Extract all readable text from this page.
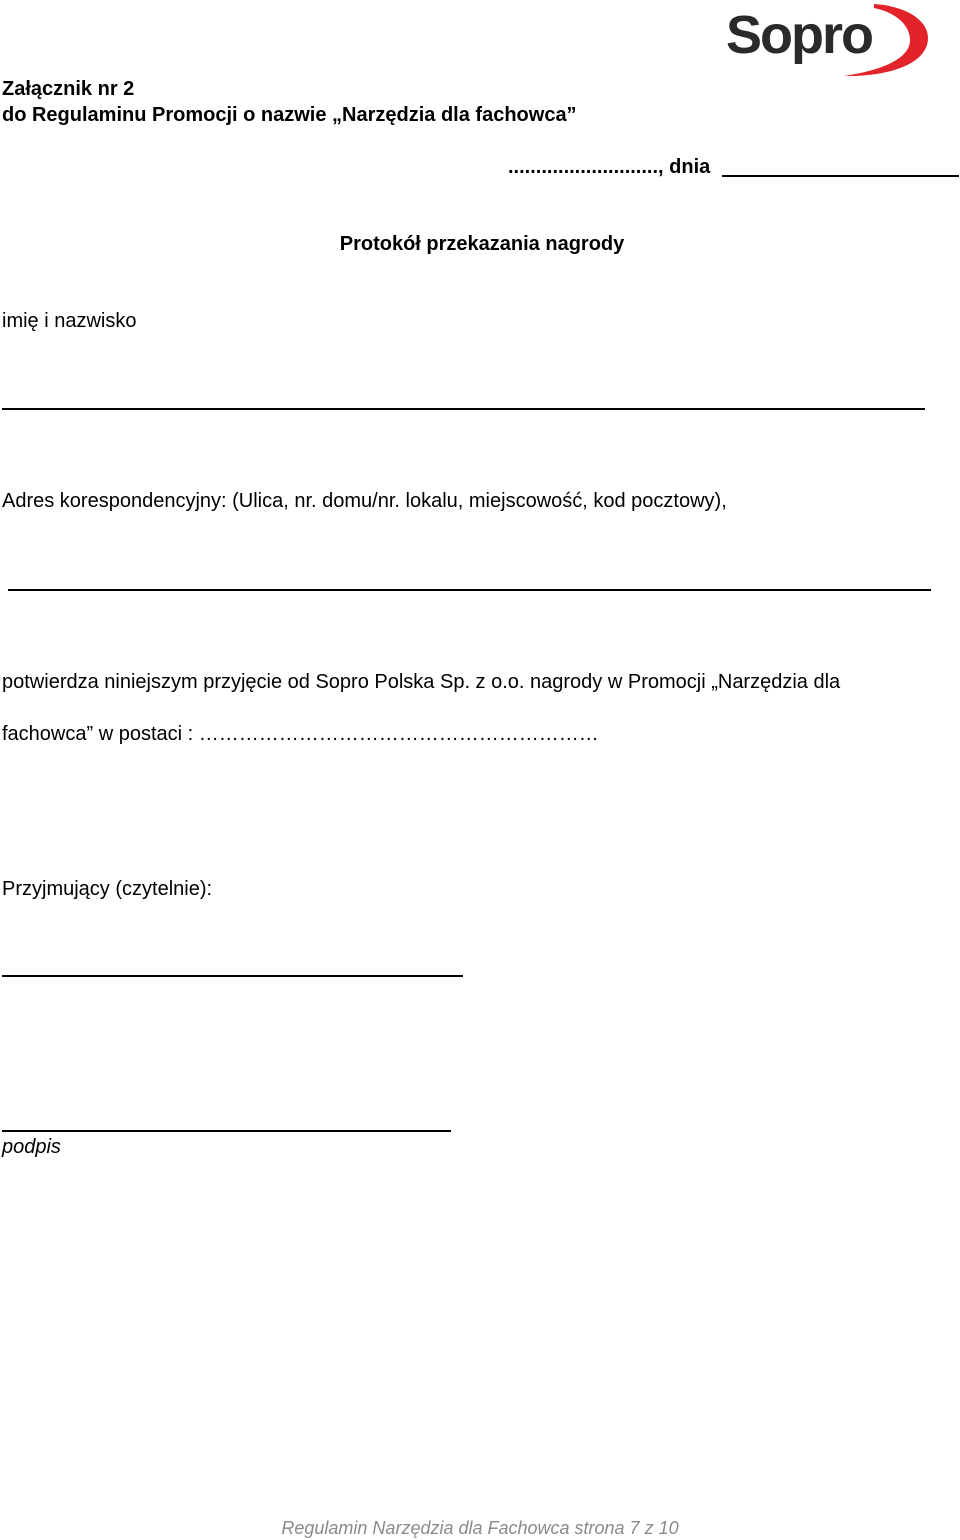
Sopro
Załącznik nr 2
do Regulaminu Promocji o nazwie „Narzędzia dla fachowca”
..........................., dnia
Protokół przekazania nagrody
imię i nazwisko
Adres korespondencyjny: (Ulica, nr. domu/nr. lokalu, miejscowość, kod pocztowy),
potwierdza niniejszym przyjęcie od Sopro Polska Sp. z o.o. nagrody w Promocji „Narzędzia dla
fachowca” w postaci : ……………………………………………………
Przyjmujący (czytelnie):
podpis
Regulamin Narzędzia dla Fachowca strona 7 z 10
